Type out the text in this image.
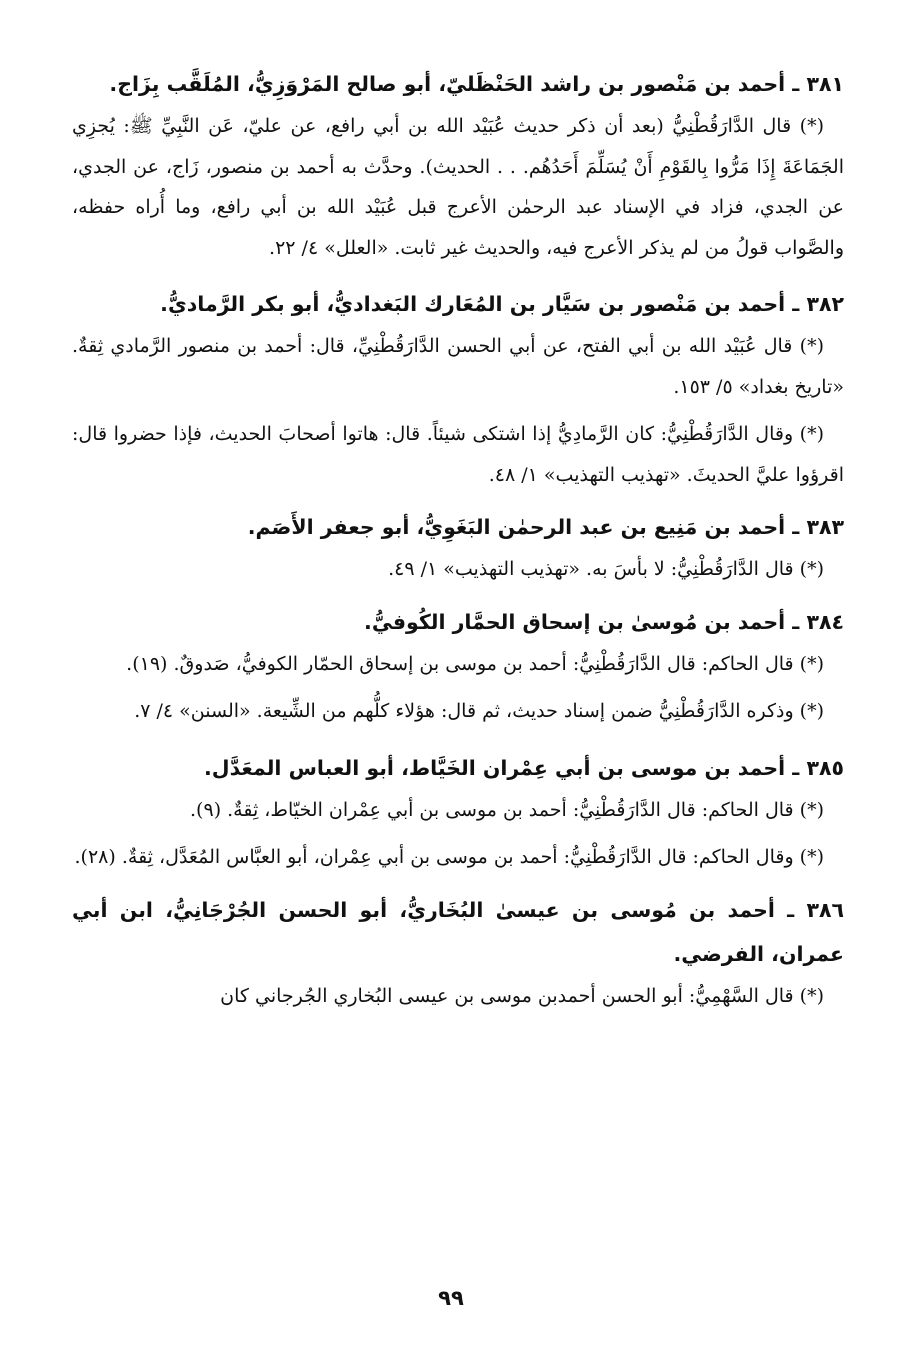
٣٨١ ـ أحمد بن مَنْصور بن راشد الحَنْظَليّ، أبو صالح المَرْوَزِيُّ، المُلَقَّب بِزَاج.

(*) قال الدَّارَقُطْنِيُّ (بعد أن ذكر حديث عُبَيْد الله بن أبي رافع، عن عليّ، عَن النَّبِيِّ ﷺ: يُجزِي الجَمَاعَةَ إِذَا مَرُّوا بِالقَوْمِ أَنْ يُسَلِّمَ أَحَدُهُم. . . الحديث). وحدَّث به أحمد بن منصور، زَاج، عن الجدي، عن الجدي، فزاد في الإسناد عبد الرحمٰن الأعرج قبل عُبَيْد الله بن أبي رافع، وما أُراه حفظه، والصَّواب قولُ من لم يذكر الأعرج فيه، والحديث غير ثابت. «العلل» ٤/ ٢٢.

٣٨٢ ـ أحمد بن مَنْصور بن سَيَّار بن المُعَارك البَغداديُّ، أبو بكر الرَّماديُّ.

(*) قال عُبَيْد الله بن أبي الفتح، عن أبي الحسن الدَّارَقُطْنِيِّ، قال: أحمد بن منصور الرَّمادي ثِقةٌ. «تاريخ بغداد» ٥/ ١٥٣.

(*) وقال الدَّارَقُطْنِيُّ: كان الرَّمادِيُّ إذا اشتكى شيئاً. قال: هاتوا أصحابَ الحديث، فإذا حضروا قال: اقرؤوا عليَّ الحديثَ. «تهذيب التهذيب» ١/ ٤٨.

٣٨٣ ـ أحمد بن مَنِيع بن عبد الرحمٰن البَغَوِيُّ، أبو جعفر الأَصَم.

(*) قال الدَّارَقُطْنِيُّ: لا بأسَ به. «تهذيب التهذيب» ١/ ٤٩.

٣٨٤ ـ أحمد بن مُوسىٰ بن إسحاق الحمَّار الكُوفيُّ.

(*) قال الحاكم: قال الدَّارَقُطْنِيُّ: أحمد بن موسى بن إسحاق الحمّار الكوفيُّ، صَدوقٌ. (١٩).

(*) وذكره الدَّارَقُطْنِيُّ ضمن إسناد حديث، ثم قال: هؤلاء كلُّهم من الشِّيعة. «السنن» ٤/ ٧.

٣٨٥ ـ أحمد بن موسى بن أبي عِمْران الخَيَّاط، أبو العباس المعَدَّل.

(*) قال الحاكم: قال الدَّارَقُطْنِيُّ: أحمد بن موسى بن أبي عِمْران الخيّاط، ثِقةٌ. (٩).

(*) وقال الحاكم: قال الدَّارَقُطْنِيُّ: أحمد بن موسى بن أبي عِمْران، أبو العبَّاس المُعَدَّل، ثِقةٌ. (٢٨).

٣٨٦ ـ أحمد بن مُوسى بن عيسىٰ البُخَاريُّ، أبو الحسن الجُرْجَانِيُّ، ابن أبي عمران، الفرضي.

(*) قال السَّهْمِيُّ: أبو الحسن أحمدبن موسى بن عيسى البُخاري الجُرجاني كان

٩٩
